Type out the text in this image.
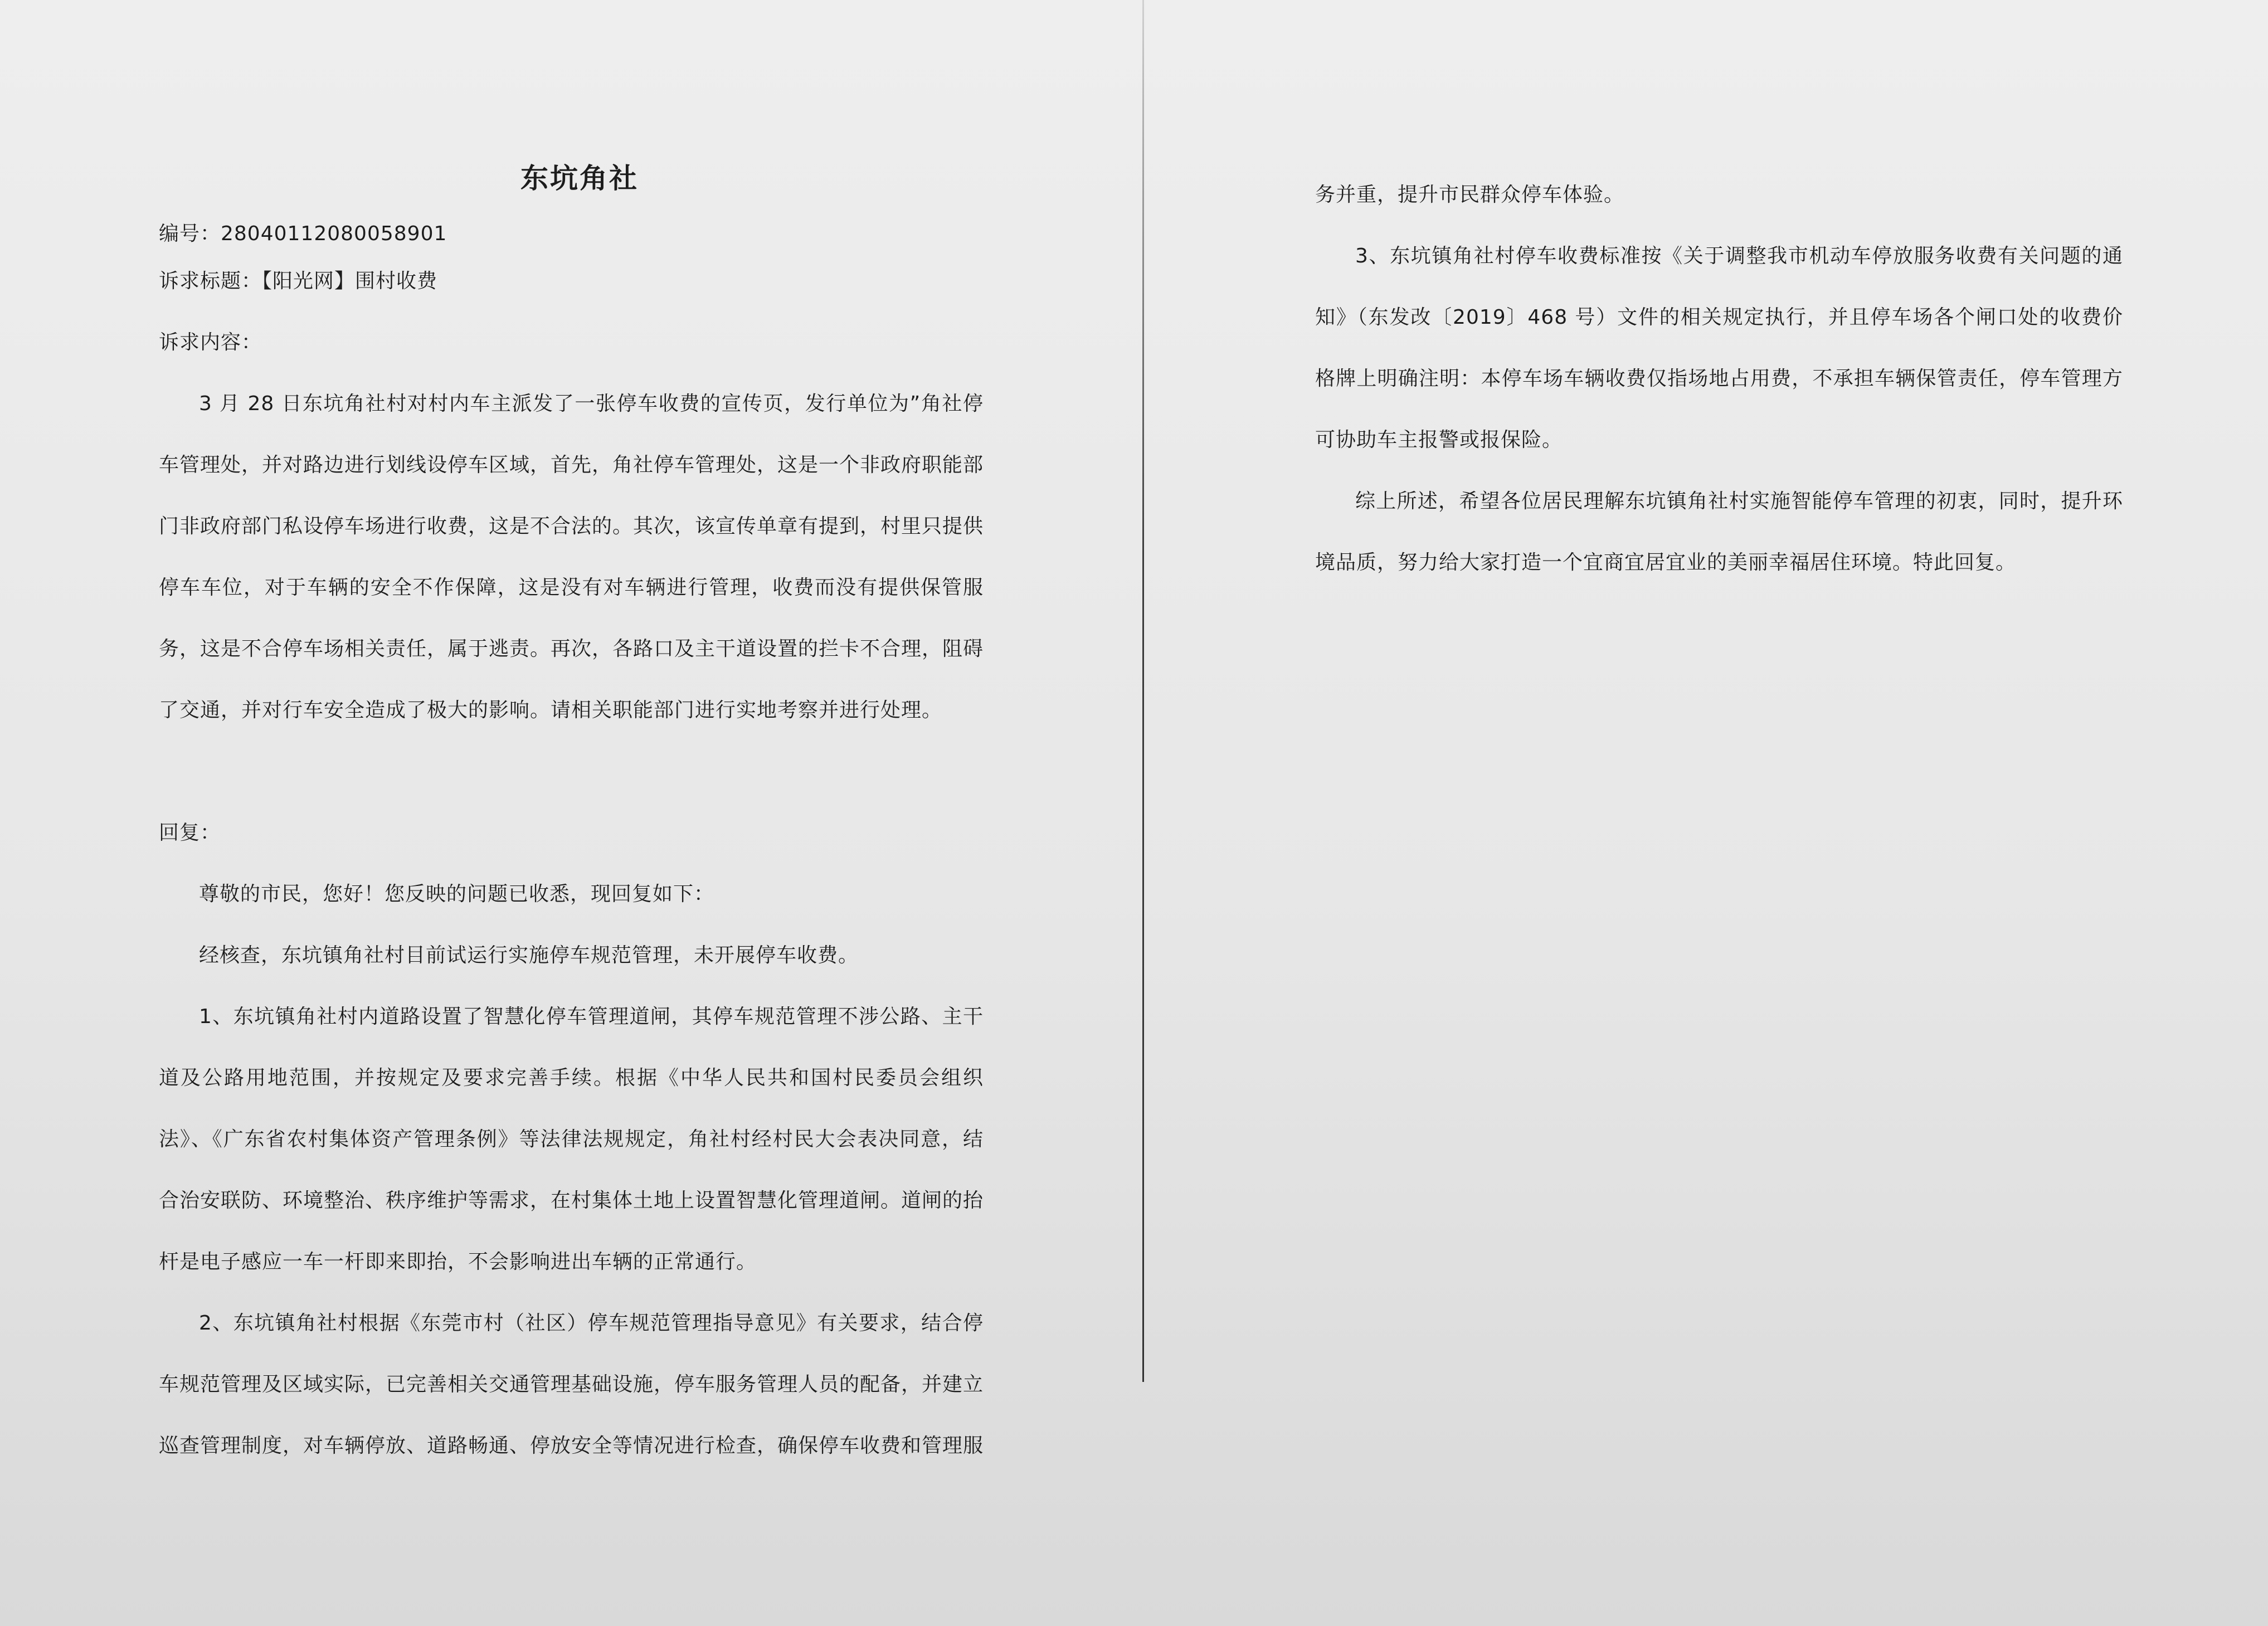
东坑角社

编号：28040112080058901

诉求标题：【阳光网】围村收费

诉求内容：

3 月 28 日东坑角社村对村内车主派发了一张停车收费的宣传页，发行单位为”角社停车管理处，并对路边进行划线设停车区域，首先，角社停车管理处，这是一个非政府职能部门非政府部门私设停车场进行收费，这是不合法的。其次，该宣传单章有提到，村里只提供停车车位，对于车辆的安全不作保障，这是没有对车辆进行管理，收费而没有提供保管服务，这是不合停车场相关责任，属于逃责。再次，各路口及主干道设置的拦卡不合理，阻碍了交通，并对行车安全造成了极大的影响。请相关职能部门进行实地考察并进行处理。

回复：

尊敬的市民，您好！您反映的问题已收悉，现回复如下：

经核查，东坑镇角社村目前试运行实施停车规范管理，未开展停车收费。

1、东坑镇角社村内道路设置了智慧化停车管理道闸，其停车规范管理不涉公路、主干道及公路用地范围，并按规定及要求完善手续。根据《中华人民共和国村民委员会组织法》、《广东省农村集体资产管理条例》等法律法规规定，角社村经村民大会表决同意，结合治安联防、环境整治、秩序维护等需求，在村集体土地上设置智慧化管理道闸。道闸的抬杆是电子感应一车一杆即来即抬，不会影响进出车辆的正常通行。

2、东坑镇角社村根据《东莞市村（社区）停车规范管理指导意见》有关要求，结合停车规范管理及区域实际，已完善相关交通管理基础设施，停车服务管理人员的配备，并建立巡查管理制度，对车辆停放、道路畅通、停放安全等情况进行检查，确保停车收费和管理服

务并重，提升市民群众停车体验。

3、东坑镇角社村停车收费标准按《关于调整我市机动车停放服务收费有关问题的通知》（东发改〔2019〕468 号）文件的相关规定执行，并且停车场各个闸口处的收费价格牌上明确注明：本停车场车辆收费仅指场地占用费，不承担车辆保管责任，停车管理方可协助车主报警或报保险。

综上所述，希望各位居民理解东坑镇角社村实施智能停车管理的初衷，同时，提升环境品质，努力给大家打造一个宜商宜居宜业的美丽幸福居住环境。特此回复。
